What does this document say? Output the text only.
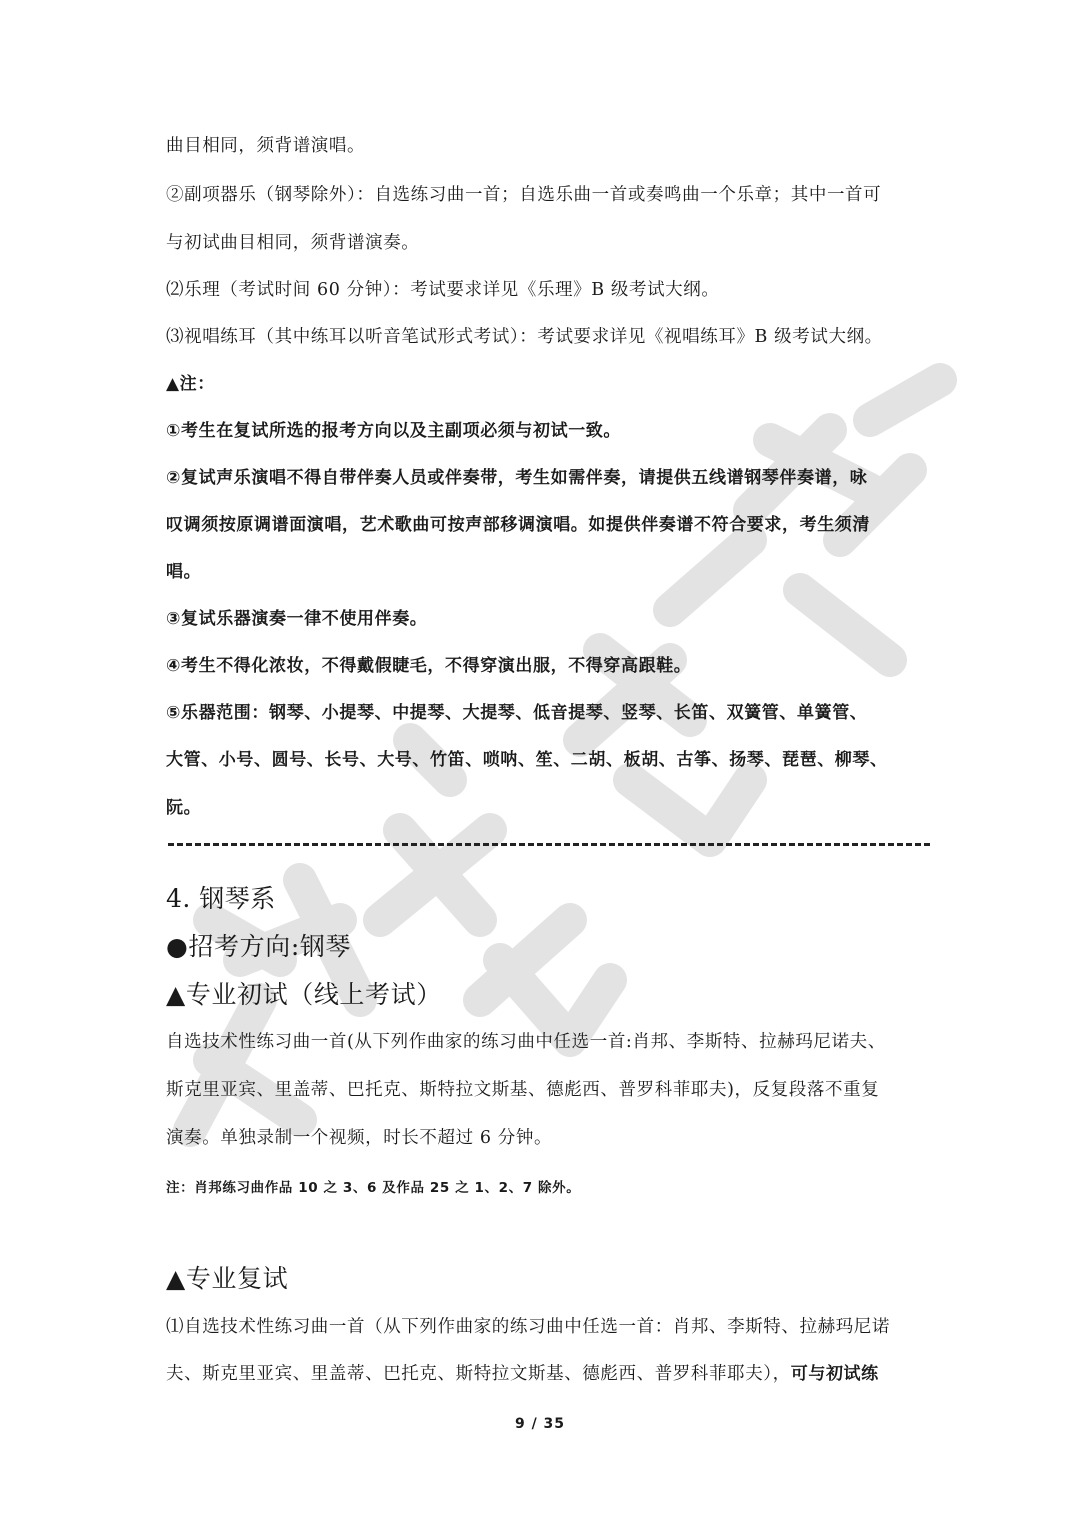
曲目相同，须背谱演唱。
②副项器乐（钢琴除外）：自选练习曲一首；自选乐曲一首或奏鸣曲一个乐章；其中一首可
与初试曲目相同，须背谱演奏。
⑵乐理（考试时间 60 分钟）：考试要求详见《乐理》B 级考试大纲。
⑶视唱练耳（其中练耳以听音笔试形式考试）：考试要求详见《视唱练耳》B 级考试大纲。
▲注：
①考生在复试所选的报考方向以及主副项必须与初试一致。
②复试声乐演唱不得自带伴奏人员或伴奏带，考生如需伴奏，请提供五线谱钢琴伴奏谱，咏
叹调须按原调谱面演唱，艺术歌曲可按声部移调演唱。如提供伴奏谱不符合要求，考生须清
唱。
③复试乐器演奏一律不使用伴奏。
④考生不得化浓妆，不得戴假睫毛，不得穿演出服，不得穿高跟鞋。
⑤乐器范围：钢琴、小提琴、中提琴、大提琴、低音提琴、竖琴、长笛、双簧管、单簧管、
大管、小号、圆号、长号、大号、竹笛、唢呐、笙、二胡、板胡、古筝、扬琴、琵琶、柳琴、
阮。
4. 钢琴系
●招考方向:钢琴
▲专业初试（线上考试）
自选技术性练习曲一首(从下列作曲家的练习曲中任选一首:肖邦、李斯特、拉赫玛尼诺夫、
斯克里亚宾、里盖蒂、巴托克、斯特拉文斯基、德彪西、普罗科菲耶夫)，反复段落不重复
演奏。单独录制一个视频，时长不超过 6 分钟。
注：肖邦练习曲作品 10 之 3、6 及作品 25 之 1、2、7 除外。
▲专业复试
⑴自选技术性练习曲一首（从下列作曲家的练习曲中任选一首：肖邦、李斯特、拉赫玛尼诺
夫、斯克里亚宾、里盖蒂、巴托克、斯特拉文斯基、德彪西、普罗科菲耶夫），可与初试练
9 / 35
